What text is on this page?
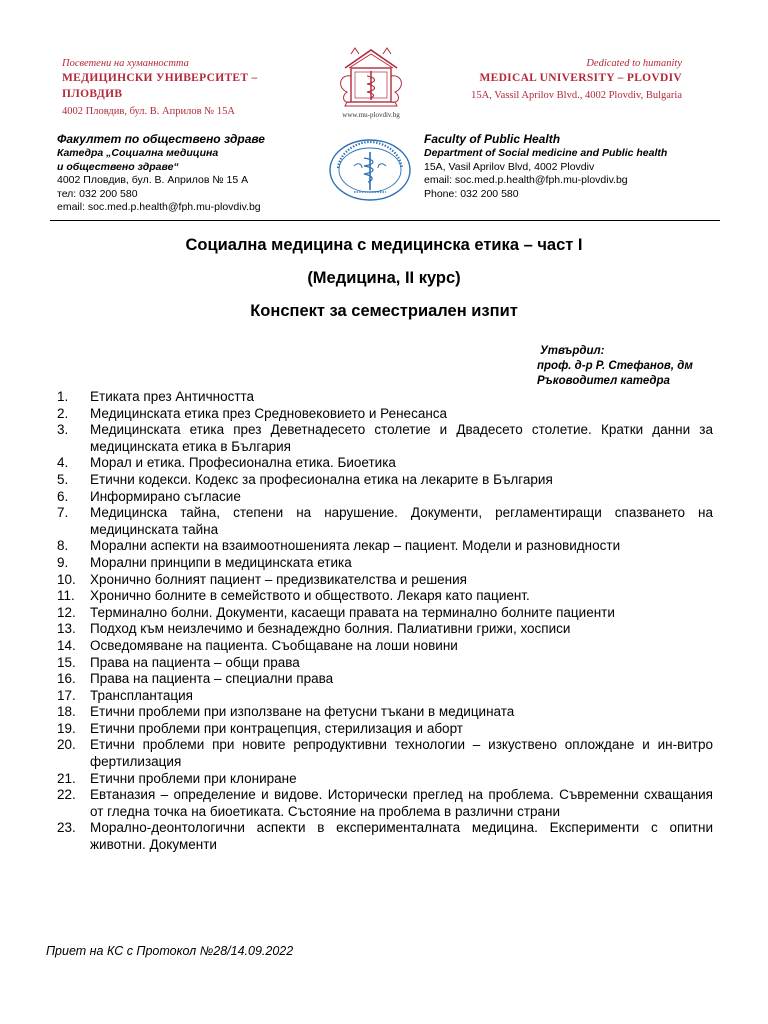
Посветени на хуманността
МЕДИЦИНСКИ УНИВЕРСИТЕТ – ПЛОВДИВ
4002 Пловдив, бул. В. Априлов № 15А	www.mu-plovdiv.bg
Dedicated to humanity
MEDICAL UNIVERSITY – PLOVDIV
15A, Vassil Aprilov Blvd., 4002 Plovdiv, Bulgaria
Факултет по обществено здраве
Катедра „Социална медицина
и обществено здраве“
4002 Пловдив, бул. В. Априлов № 15 А
тел: 032 200 580
email: soc.med.p.health@fph.mu-plovdiv.bg
Faculty of Public Health
Department of Social medicine and Public health
15A, Vasil Aprilov Blvd, 4002 Plovdiv
email: soc.med.p.health@fph.mu-plovdiv.bg
Phone: 032 200 580
Социална медицина с медицинска етика – част I
(Медицина, II курс)
Конспект за семестриален изпит
Утвърдил:
проф. д-р Р. Стефанов, дм
Ръководител катедра
1.	Етиката през Античността
2.	Медицинската етика през Средновековието и Ренесанса
3.	Медицинската етика през Деветнадесето столетие и Двадесето столетие. Кратки данни за медицинската етика в България
4.	Морал и етика. Професионална етика. Биоетика
5.	Етични кодекси. Кодекс за професионална етика на лекарите в България
6.	Информирано съгласие
7.	Медицинска тайна, степени на нарушение. Документи, регламентиращи спазването на медицинската тайна
8.	Морални аспекти на взаимоотношенията лекар – пациент. Модели и разновидности
9.	Морални принципи в медицинската етика
10.	Хронично болният пациент – предизвикателства и решения
11.	Хронично болните в семейството и обществото. Лекаря като пациент.
12.	Терминално болни. Документи, касаещи правата на терминално болните пациенти
13.	Подход към неизлечимо и безнадеждно болния. Палиативни грижи, хосписи
14.	Осведомяване на пациента. Съобщаване на лоши новини
15.	Права на пациента – общи права
16.	Права на пациента – специални права
17.	Трансплантация
18.	Етични проблеми при използване на фетусни тъкани в медицината
19.	Етични проблеми при контрацепция, стерилизация и аборт
20.	Етични проблеми при новите репродуктивни технологии – изкуствено оплождане и ин-витро фертилизация
21.	Етични проблеми при клониране
22.	Евтаназия – определение и видове. Исторически преглед на проблема. Съвременни схващания от гледна точка на биоетиката. Състояние на проблема в различни страни
23.	Морално-деонтологични аспекти в експерименталната медицина. Експерименти с опитни животни. Документи
Приет на КС с Протокол №28/14.09.2022
